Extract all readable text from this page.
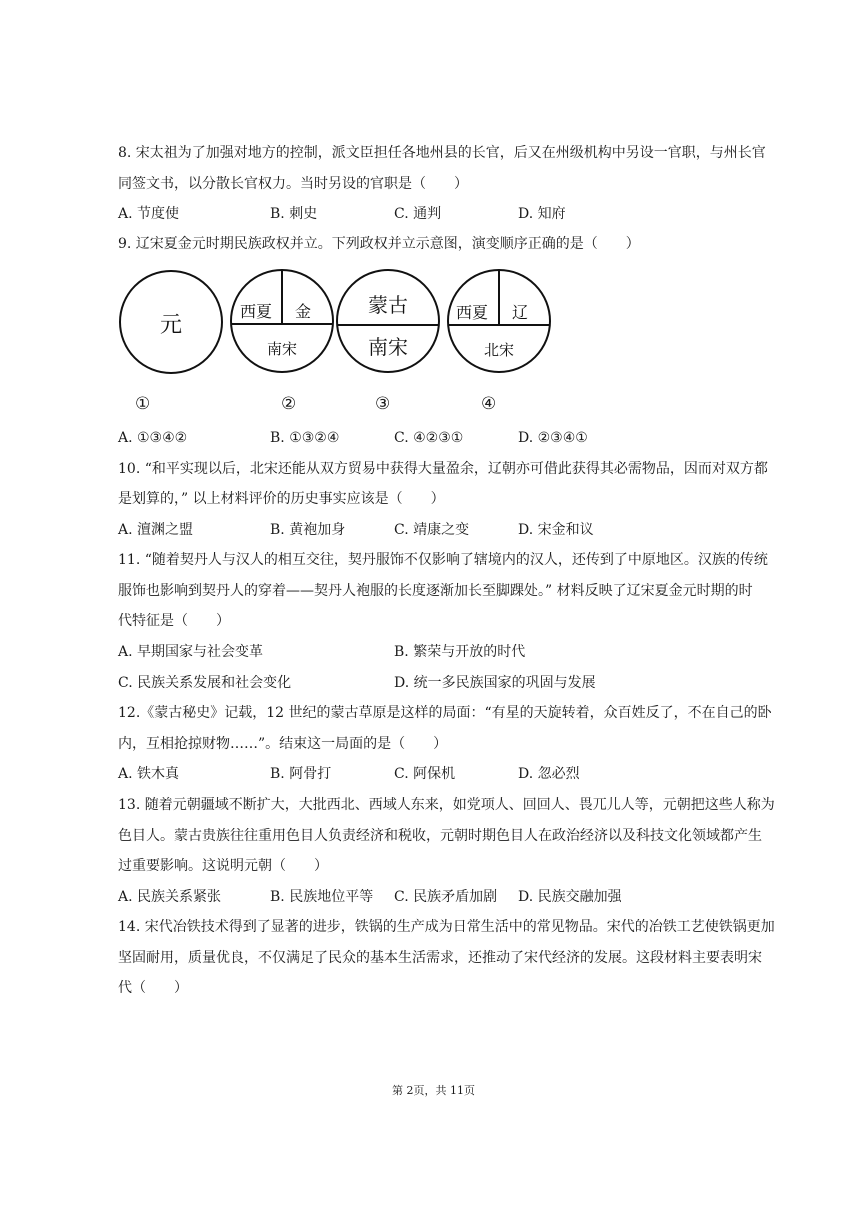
8. 宋太祖为了加强对地方的控制，派文臣担任各地州县的长官，后又在州级机构中另设一官职，与州长官
同签文书，以分散长官权力。当时另设的官职是（　　）
A. 节度使	B. 刺史	C. 通判	D. 知府
9. 辽宋夏金元时期民族政权并立。下列政权并立示意图，演变顺序正确的是（　　）
元
西夏 金
南宋
蒙古
南宋
西夏 辽
北宋
①	②	③	④
A. ①③④②	B. ①③②④	C. ④②③①	D. ②③④①
10. “和平实现以后，北宋还能从双方贸易中获得大量盈余，辽朝亦可借此获得其必需物品，因而对双方都
是划算的，” 以上材料评价的历史事实应该是（　　）
A. 澶渊之盟	B. 黄袍加身	C. 靖康之变	D. 宋金和议
11. “随着契丹人与汉人的相互交往，契丹服饰不仅影响了辖境内的汉人，还传到了中原地区。汉族的传统
服饰也影响到契丹人的穿着——契丹人袍服的长度逐渐加长至脚踝处。” 材料反映了辽宋夏金元时期的时
代特征是（　　）
A. 早期国家与社会变革	B. 繁荣与开放的时代
C. 民族关系发展和社会变化	D. 统一多民族国家的巩固与发展
12.《蒙古秘史》记载，12 世纪的蒙古草原是这样的局面：“有星的天旋转着，众百姓反了，不在自己的卧
内，互相抢掠财物……”。结束这一局面的是（　　）
A. 铁木真	B. 阿骨打	C. 阿保机	D. 忽必烈
13. 随着元朝疆域不断扩大，大批西北、西域人东来，如党项人、回回人、畏兀儿人等，元朝把这些人称为
色目人。蒙古贵族往往重用色目人负责经济和税收，元朝时期色目人在政治经济以及科技文化领域都产生
过重要影响。这说明元朝（　　）
A. 民族关系紧张	B. 民族地位平等 C. 民族矛盾加剧 D. 民族交融加强
14. 宋代冶铁技术得到了显著的进步，铁锅的生产成为日常生活中的常见物品。宋代的冶铁工艺使铁锅更加
坚固耐用，质量优良，不仅满足了民众的基本生活需求，还推动了宋代经济的发展。这段材料主要表明宋
代（　　）
第 2页，共 11页
